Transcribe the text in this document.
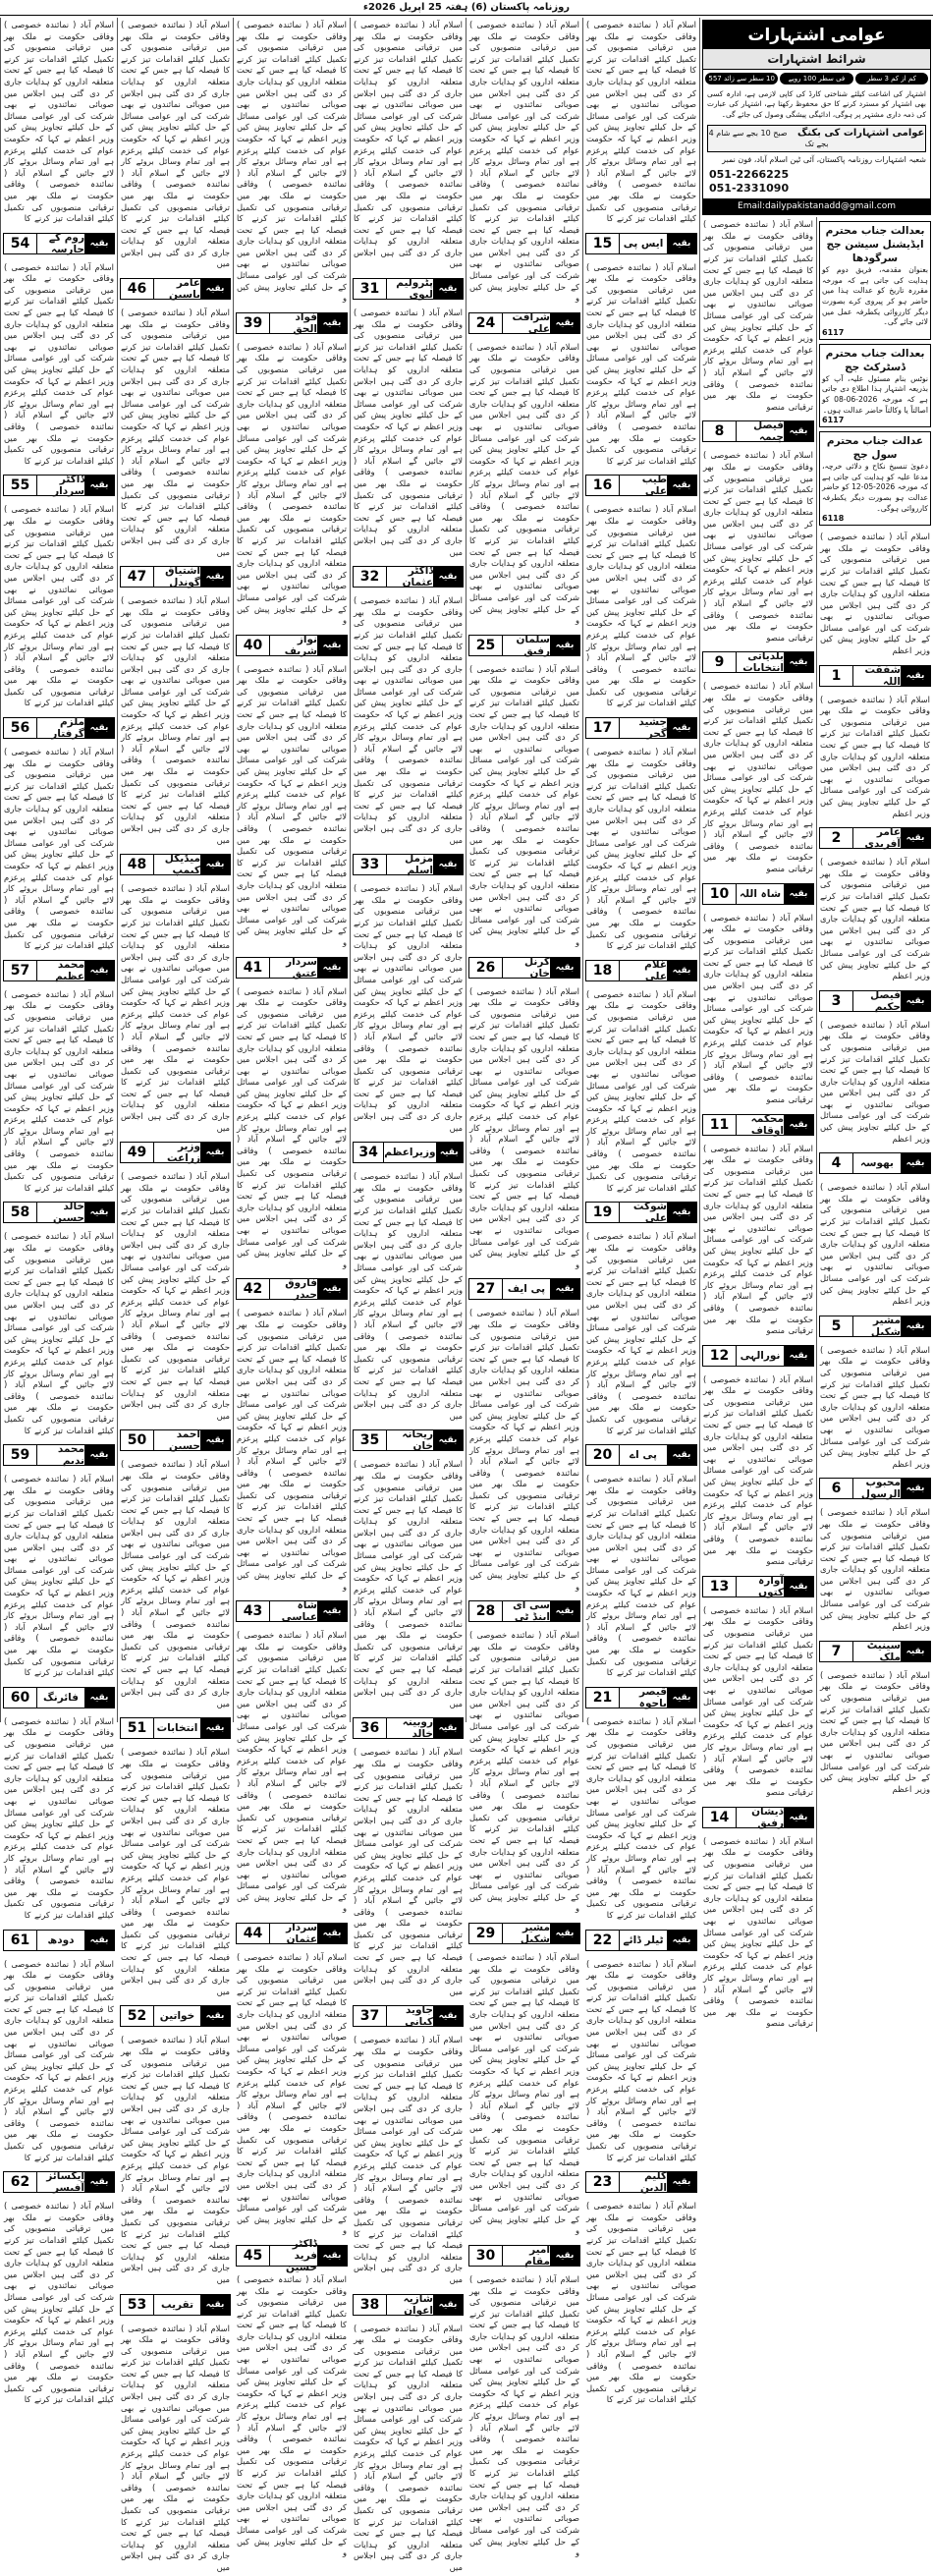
روزنامہ پاکستان (6) ہفتہ 25 اپریل 2026ء
اسلام آباد ( نمائندہ خصوصی ) وفاقی حکومت نے ملک بھر میں ترقیاتی منصوبوں کی تکمیل کیلئے اقدامات تیز کرنے کا فیصلہ کیا ہے جس کے تحت متعلقہ اداروں کو ہدایات جاری کر دی گئی ہیں اجلاس میں صوبائی نمائندوں نے بھی شرکت کی اور عوامی مسائل کے حل کیلئے تجاویز پیش کیں وزیر اعظم نے کہا کہ حکومت عوام کی خدمت کیلئے پرعزم ہے اور تمام وسائل بروئے کار لائے جائیں گے اسلام آباد ( نمائندہ خصوصی ) وفاقی حکومت نے ملک بھر میں ترقیاتی منصوبوں کی تکمیل کیلئے اقدامات تیز کرنے کا
بقیہ
روم کے جارسہ
54
اسلام آباد ( نمائندہ خصوصی ) وفاقی حکومت نے ملک بھر میں ترقیاتی منصوبوں کی تکمیل کیلئے اقدامات تیز کرنے کا فیصلہ کیا ہے جس کے تحت متعلقہ اداروں کو ہدایات جاری کر دی گئی ہیں اجلاس میں صوبائی نمائندوں نے بھی شرکت کی اور عوامی مسائل کے حل کیلئے تجاویز پیش کیں وزیر اعظم نے کہا کہ حکومت عوام کی خدمت کیلئے پرعزم ہے اور تمام وسائل بروئے کار لائے جائیں گے اسلام آباد ( نمائندہ خصوصی ) وفاقی حکومت نے ملک بھر میں ترقیاتی منصوبوں کی تکمیل کیلئے اقدامات تیز کرنے کا
بقیہ
ڈاکٹر سردار
55
اسلام آباد ( نمائندہ خصوصی ) وفاقی حکومت نے ملک بھر میں ترقیاتی منصوبوں کی تکمیل کیلئے اقدامات تیز کرنے کا فیصلہ کیا ہے جس کے تحت متعلقہ اداروں کو ہدایات جاری کر دی گئی ہیں اجلاس میں صوبائی نمائندوں نے بھی شرکت کی اور عوامی مسائل کے حل کیلئے تجاویز پیش کیں وزیر اعظم نے کہا کہ حکومت عوام کی خدمت کیلئے پرعزم ہے اور تمام وسائل بروئے کار لائے جائیں گے اسلام آباد ( نمائندہ خصوصی ) وفاقی حکومت نے ملک بھر میں ترقیاتی منصوبوں کی تکمیل کیلئے اقدامات تیز کرنے کا
بقیہ
ملزم گرفتار
56
اسلام آباد ( نمائندہ خصوصی ) وفاقی حکومت نے ملک بھر میں ترقیاتی منصوبوں کی تکمیل کیلئے اقدامات تیز کرنے کا فیصلہ کیا ہے جس کے تحت متعلقہ اداروں کو ہدایات جاری کر دی گئی ہیں اجلاس میں صوبائی نمائندوں نے بھی شرکت کی اور عوامی مسائل کے حل کیلئے تجاویز پیش کیں وزیر اعظم نے کہا کہ حکومت عوام کی خدمت کیلئے پرعزم ہے اور تمام وسائل بروئے کار لائے جائیں گے اسلام آباد ( نمائندہ خصوصی ) وفاقی حکومت نے ملک بھر میں ترقیاتی منصوبوں کی تکمیل کیلئے اقدامات تیز کرنے کا
بقیہ
محمد عظیم
57
اسلام آباد ( نمائندہ خصوصی ) وفاقی حکومت نے ملک بھر میں ترقیاتی منصوبوں کی تکمیل کیلئے اقدامات تیز کرنے کا فیصلہ کیا ہے جس کے تحت متعلقہ اداروں کو ہدایات جاری کر دی گئی ہیں اجلاس میں صوبائی نمائندوں نے بھی شرکت کی اور عوامی مسائل کے حل کیلئے تجاویز پیش کیں وزیر اعظم نے کہا کہ حکومت عوام کی خدمت کیلئے پرعزم ہے اور تمام وسائل بروئے کار لائے جائیں گے اسلام آباد ( نمائندہ خصوصی ) وفاقی حکومت نے ملک بھر میں ترقیاتی منصوبوں کی تکمیل کیلئے اقدامات تیز کرنے کا
بقیہ
خالد حسین
58
اسلام آباد ( نمائندہ خصوصی ) وفاقی حکومت نے ملک بھر میں ترقیاتی منصوبوں کی تکمیل کیلئے اقدامات تیز کرنے کا فیصلہ کیا ہے جس کے تحت متعلقہ اداروں کو ہدایات جاری کر دی گئی ہیں اجلاس میں صوبائی نمائندوں نے بھی شرکت کی اور عوامی مسائل کے حل کیلئے تجاویز پیش کیں وزیر اعظم نے کہا کہ حکومت عوام کی خدمت کیلئے پرعزم ہے اور تمام وسائل بروئے کار لائے جائیں گے اسلام آباد ( نمائندہ خصوصی ) وفاقی حکومت نے ملک بھر میں ترقیاتی منصوبوں کی تکمیل کیلئے اقدامات تیز کرنے کا
بقیہ
محمد ندیم
59
اسلام آباد ( نمائندہ خصوصی ) وفاقی حکومت نے ملک بھر میں ترقیاتی منصوبوں کی تکمیل کیلئے اقدامات تیز کرنے کا فیصلہ کیا ہے جس کے تحت متعلقہ اداروں کو ہدایات جاری کر دی گئی ہیں اجلاس میں صوبائی نمائندوں نے بھی شرکت کی اور عوامی مسائل کے حل کیلئے تجاویز پیش کیں وزیر اعظم نے کہا کہ حکومت عوام کی خدمت کیلئے پرعزم ہے اور تمام وسائل بروئے کار لائے جائیں گے اسلام آباد ( نمائندہ خصوصی ) وفاقی حکومت نے ملک بھر میں ترقیاتی منصوبوں کی تکمیل کیلئے اقدامات تیز کرنے کا
بقیہ
فائرنگ
60
اسلام آباد ( نمائندہ خصوصی ) وفاقی حکومت نے ملک بھر میں ترقیاتی منصوبوں کی تکمیل کیلئے اقدامات تیز کرنے کا فیصلہ کیا ہے جس کے تحت متعلقہ اداروں کو ہدایات جاری کر دی گئی ہیں اجلاس میں صوبائی نمائندوں نے بھی شرکت کی اور عوامی مسائل کے حل کیلئے تجاویز پیش کیں وزیر اعظم نے کہا کہ حکومت عوام کی خدمت کیلئے پرعزم ہے اور تمام وسائل بروئے کار لائے جائیں گے اسلام آباد ( نمائندہ خصوصی ) وفاقی حکومت نے ملک بھر میں ترقیاتی منصوبوں کی تکمیل کیلئے اقدامات تیز کرنے کا
بقیہ
دودھ
61
اسلام آباد ( نمائندہ خصوصی ) وفاقی حکومت نے ملک بھر میں ترقیاتی منصوبوں کی تکمیل کیلئے اقدامات تیز کرنے کا فیصلہ کیا ہے جس کے تحت متعلقہ اداروں کو ہدایات جاری کر دی گئی ہیں اجلاس میں صوبائی نمائندوں نے بھی شرکت کی اور عوامی مسائل کے حل کیلئے تجاویز پیش کیں وزیر اعظم نے کہا کہ حکومت عوام کی خدمت کیلئے پرعزم ہے اور تمام وسائل بروئے کار لائے جائیں گے اسلام آباد ( نمائندہ خصوصی ) وفاقی حکومت نے ملک بھر میں ترقیاتی منصوبوں کی تکمیل کیلئے اقدامات تیز کرنے کا
بقیہ
ایکسائز آفیسر
62
اسلام آباد ( نمائندہ خصوصی ) وفاقی حکومت نے ملک بھر میں ترقیاتی منصوبوں کی تکمیل کیلئے اقدامات تیز کرنے کا فیصلہ کیا ہے جس کے تحت متعلقہ اداروں کو ہدایات جاری کر دی گئی ہیں اجلاس میں صوبائی نمائندوں نے بھی شرکت کی اور عوامی مسائل کے حل کیلئے تجاویز پیش کیں وزیر اعظم نے کہا کہ حکومت عوام کی خدمت کیلئے پرعزم ہے اور تمام وسائل بروئے کار لائے جائیں گے اسلام آباد ( نمائندہ خصوصی ) وفاقی حکومت نے ملک بھر میں ترقیاتی منصوبوں کی تکمیل کیلئے اقدامات تیز کرنے کا
اسلام آباد ( نمائندہ خصوصی ) وفاقی حکومت نے ملک بھر میں ترقیاتی منصوبوں کی تکمیل کیلئے اقدامات تیز کرنے کا فیصلہ کیا ہے جس کے تحت متعلقہ اداروں کو ہدایات جاری کر دی گئی ہیں اجلاس میں صوبائی نمائندوں نے بھی شرکت کی اور عوامی مسائل کے حل کیلئے تجاویز پیش کیں وزیر اعظم نے کہا کہ حکومت عوام کی خدمت کیلئے پرعزم ہے اور تمام وسائل بروئے کار لائے جائیں گے اسلام آباد ( نمائندہ خصوصی ) وفاقی حکومت نے ملک بھر میں ترقیاتی منصوبوں کی تکمیل کیلئے اقدامات تیز کرنے کا فیصلہ کیا ہے جس کے تحت متعلقہ اداروں کو ہدایات جاری کر دی گئی ہیں اجلاس میں
بقیہ
عامر یاسین
46
اسلام آباد ( نمائندہ خصوصی ) وفاقی حکومت نے ملک بھر میں ترقیاتی منصوبوں کی تکمیل کیلئے اقدامات تیز کرنے کا فیصلہ کیا ہے جس کے تحت متعلقہ اداروں کو ہدایات جاری کر دی گئی ہیں اجلاس میں صوبائی نمائندوں نے بھی شرکت کی اور عوامی مسائل کے حل کیلئے تجاویز پیش کیں وزیر اعظم نے کہا کہ حکومت عوام کی خدمت کیلئے پرعزم ہے اور تمام وسائل بروئے کار لائے جائیں گے اسلام آباد ( نمائندہ خصوصی ) وفاقی حکومت نے ملک بھر میں ترقیاتی منصوبوں کی تکمیل کیلئے اقدامات تیز کرنے کا فیصلہ کیا ہے جس کے تحت متعلقہ اداروں کو ہدایات جاری کر دی گئی ہیں اجلاس میں
بقیہ
اشتیاق گوندل
47
اسلام آباد ( نمائندہ خصوصی ) وفاقی حکومت نے ملک بھر میں ترقیاتی منصوبوں کی تکمیل کیلئے اقدامات تیز کرنے کا فیصلہ کیا ہے جس کے تحت متعلقہ اداروں کو ہدایات جاری کر دی گئی ہیں اجلاس میں صوبائی نمائندوں نے بھی شرکت کی اور عوامی مسائل کے حل کیلئے تجاویز پیش کیں وزیر اعظم نے کہا کہ حکومت عوام کی خدمت کیلئے پرعزم ہے اور تمام وسائل بروئے کار لائے جائیں گے اسلام آباد ( نمائندہ خصوصی ) وفاقی حکومت نے ملک بھر میں ترقیاتی منصوبوں کی تکمیل کیلئے اقدامات تیز کرنے کا فیصلہ کیا ہے جس کے تحت متعلقہ اداروں کو ہدایات جاری کر دی گئی ہیں اجلاس میں
بقیہ
میڈیکل کیمپ
48
اسلام آباد ( نمائندہ خصوصی ) وفاقی حکومت نے ملک بھر میں ترقیاتی منصوبوں کی تکمیل کیلئے اقدامات تیز کرنے کا فیصلہ کیا ہے جس کے تحت متعلقہ اداروں کو ہدایات جاری کر دی گئی ہیں اجلاس میں صوبائی نمائندوں نے بھی شرکت کی اور عوامی مسائل کے حل کیلئے تجاویز پیش کیں وزیر اعظم نے کہا کہ حکومت عوام کی خدمت کیلئے پرعزم ہے اور تمام وسائل بروئے کار لائے جائیں گے اسلام آباد ( نمائندہ خصوصی ) وفاقی حکومت نے ملک بھر میں ترقیاتی منصوبوں کی تکمیل کیلئے اقدامات تیز کرنے کا فیصلہ کیا ہے جس کے تحت متعلقہ اداروں کو ہدایات جاری کر دی گئی ہیں اجلاس میں
بقیہ
وزیر زراعت
49
اسلام آباد ( نمائندہ خصوصی ) وفاقی حکومت نے ملک بھر میں ترقیاتی منصوبوں کی تکمیل کیلئے اقدامات تیز کرنے کا فیصلہ کیا ہے جس کے تحت متعلقہ اداروں کو ہدایات جاری کر دی گئی ہیں اجلاس میں صوبائی نمائندوں نے بھی شرکت کی اور عوامی مسائل کے حل کیلئے تجاویز پیش کیں وزیر اعظم نے کہا کہ حکومت عوام کی خدمت کیلئے پرعزم ہے اور تمام وسائل بروئے کار لائے جائیں گے اسلام آباد ( نمائندہ خصوصی ) وفاقی حکومت نے ملک بھر میں ترقیاتی منصوبوں کی تکمیل کیلئے اقدامات تیز کرنے کا فیصلہ کیا ہے جس کے تحت متعلقہ اداروں کو ہدایات جاری کر دی گئی ہیں اجلاس میں
بقیہ
احمد حسین
50
اسلام آباد ( نمائندہ خصوصی ) وفاقی حکومت نے ملک بھر میں ترقیاتی منصوبوں کی تکمیل کیلئے اقدامات تیز کرنے کا فیصلہ کیا ہے جس کے تحت متعلقہ اداروں کو ہدایات جاری کر دی گئی ہیں اجلاس میں صوبائی نمائندوں نے بھی شرکت کی اور عوامی مسائل کے حل کیلئے تجاویز پیش کیں وزیر اعظم نے کہا کہ حکومت عوام کی خدمت کیلئے پرعزم ہے اور تمام وسائل بروئے کار لائے جائیں گے اسلام آباد ( نمائندہ خصوصی ) وفاقی حکومت نے ملک بھر میں ترقیاتی منصوبوں کی تکمیل کیلئے اقدامات تیز کرنے کا فیصلہ کیا ہے جس کے تحت متعلقہ اداروں کو ہدایات جاری کر دی گئی ہیں اجلاس میں
بقیہ
انتخابات
51
اسلام آباد ( نمائندہ خصوصی ) وفاقی حکومت نے ملک بھر میں ترقیاتی منصوبوں کی تکمیل کیلئے اقدامات تیز کرنے کا فیصلہ کیا ہے جس کے تحت متعلقہ اداروں کو ہدایات جاری کر دی گئی ہیں اجلاس میں صوبائی نمائندوں نے بھی شرکت کی اور عوامی مسائل کے حل کیلئے تجاویز پیش کیں وزیر اعظم نے کہا کہ حکومت عوام کی خدمت کیلئے پرعزم ہے اور تمام وسائل بروئے کار لائے جائیں گے اسلام آباد ( نمائندہ خصوصی ) وفاقی حکومت نے ملک بھر میں ترقیاتی منصوبوں کی تکمیل کیلئے اقدامات تیز کرنے کا فیصلہ کیا ہے جس کے تحت متعلقہ اداروں کو ہدایات جاری کر دی گئی ہیں اجلاس میں
بقیہ
خواتین
52
اسلام آباد ( نمائندہ خصوصی ) وفاقی حکومت نے ملک بھر میں ترقیاتی منصوبوں کی تکمیل کیلئے اقدامات تیز کرنے کا فیصلہ کیا ہے جس کے تحت متعلقہ اداروں کو ہدایات جاری کر دی گئی ہیں اجلاس میں صوبائی نمائندوں نے بھی شرکت کی اور عوامی مسائل کے حل کیلئے تجاویز پیش کیں وزیر اعظم نے کہا کہ حکومت عوام کی خدمت کیلئے پرعزم ہے اور تمام وسائل بروئے کار لائے جائیں گے اسلام آباد ( نمائندہ خصوصی ) وفاقی حکومت نے ملک بھر میں ترقیاتی منصوبوں کی تکمیل کیلئے اقدامات تیز کرنے کا فیصلہ کیا ہے جس کے تحت متعلقہ اداروں کو ہدایات جاری کر دی گئی ہیں اجلاس میں
بقیہ
تقریب
53
اسلام آباد ( نمائندہ خصوصی ) وفاقی حکومت نے ملک بھر میں ترقیاتی منصوبوں کی تکمیل کیلئے اقدامات تیز کرنے کا فیصلہ کیا ہے جس کے تحت متعلقہ اداروں کو ہدایات جاری کر دی گئی ہیں اجلاس میں صوبائی نمائندوں نے بھی شرکت کی اور عوامی مسائل کے حل کیلئے تجاویز پیش کیں وزیر اعظم نے کہا کہ حکومت عوام کی خدمت کیلئے پرعزم ہے اور تمام وسائل بروئے کار لائے جائیں گے اسلام آباد ( نمائندہ خصوصی ) وفاقی حکومت نے ملک بھر میں ترقیاتی منصوبوں کی تکمیل کیلئے اقدامات تیز کرنے کا فیصلہ کیا ہے جس کے تحت متعلقہ اداروں کو ہدایات جاری کر دی گئی ہیں اجلاس میں
اسلام آباد ( نمائندہ خصوصی ) وفاقی حکومت نے ملک بھر میں ترقیاتی منصوبوں کی تکمیل کیلئے اقدامات تیز کرنے کا فیصلہ کیا ہے جس کے تحت متعلقہ اداروں کو ہدایات جاری کر دی گئی ہیں اجلاس میں صوبائی نمائندوں نے بھی شرکت کی اور عوامی مسائل کے حل کیلئے تجاویز پیش کیں وزیر اعظم نے کہا کہ حکومت عوام کی خدمت کیلئے پرعزم ہے اور تمام وسائل بروئے کار لائے جائیں گے اسلام آباد ( نمائندہ خصوصی ) وفاقی حکومت نے ملک بھر میں ترقیاتی منصوبوں کی تکمیل کیلئے اقدامات تیز کرنے کا فیصلہ کیا ہے جس کے تحت متعلقہ اداروں کو ہدایات جاری کر دی گئی ہیں اجلاس میں صوبائی نمائندوں نے بھی شرکت کی اور عوامی مسائل کے حل کیلئے تجاویز پیش کیں و
بقیہ
فواد الحق
39
اسلام آباد ( نمائندہ خصوصی ) وفاقی حکومت نے ملک بھر میں ترقیاتی منصوبوں کی تکمیل کیلئے اقدامات تیز کرنے کا فیصلہ کیا ہے جس کے تحت متعلقہ اداروں کو ہدایات جاری کر دی گئی ہیں اجلاس میں صوبائی نمائندوں نے بھی شرکت کی اور عوامی مسائل کے حل کیلئے تجاویز پیش کیں وزیر اعظم نے کہا کہ حکومت عوام کی خدمت کیلئے پرعزم ہے اور تمام وسائل بروئے کار لائے جائیں گے اسلام آباد ( نمائندہ خصوصی ) وفاقی حکومت نے ملک بھر میں ترقیاتی منصوبوں کی تکمیل کیلئے اقدامات تیز کرنے کا فیصلہ کیا ہے جس کے تحت متعلقہ اداروں کو ہدایات جاری کر دی گئی ہیں اجلاس میں صوبائی نمائندوں نے بھی شرکت کی اور عوامی مسائل کے حل کیلئے تجاویز پیش کیں و
بقیہ
نواز شریف
40
اسلام آباد ( نمائندہ خصوصی ) وفاقی حکومت نے ملک بھر میں ترقیاتی منصوبوں کی تکمیل کیلئے اقدامات تیز کرنے کا فیصلہ کیا ہے جس کے تحت متعلقہ اداروں کو ہدایات جاری کر دی گئی ہیں اجلاس میں صوبائی نمائندوں نے بھی شرکت کی اور عوامی مسائل کے حل کیلئے تجاویز پیش کیں وزیر اعظم نے کہا کہ حکومت عوام کی خدمت کیلئے پرعزم ہے اور تمام وسائل بروئے کار لائے جائیں گے اسلام آباد ( نمائندہ خصوصی ) وفاقی حکومت نے ملک بھر میں ترقیاتی منصوبوں کی تکمیل کیلئے اقدامات تیز کرنے کا فیصلہ کیا ہے جس کے تحت متعلقہ اداروں کو ہدایات جاری کر دی گئی ہیں اجلاس میں صوبائی نمائندوں نے بھی شرکت کی اور عوامی مسائل کے حل کیلئے تجاویز پیش کیں و
بقیہ
سردار عتیق
41
اسلام آباد ( نمائندہ خصوصی ) وفاقی حکومت نے ملک بھر میں ترقیاتی منصوبوں کی تکمیل کیلئے اقدامات تیز کرنے کا فیصلہ کیا ہے جس کے تحت متعلقہ اداروں کو ہدایات جاری کر دی گئی ہیں اجلاس میں صوبائی نمائندوں نے بھی شرکت کی اور عوامی مسائل کے حل کیلئے تجاویز پیش کیں وزیر اعظم نے کہا کہ حکومت عوام کی خدمت کیلئے پرعزم ہے اور تمام وسائل بروئے کار لائے جائیں گے اسلام آباد ( نمائندہ خصوصی ) وفاقی حکومت نے ملک بھر میں ترقیاتی منصوبوں کی تکمیل کیلئے اقدامات تیز کرنے کا فیصلہ کیا ہے جس کے تحت متعلقہ اداروں کو ہدایات جاری کر دی گئی ہیں اجلاس میں صوبائی نمائندوں نے بھی شرکت کی اور عوامی مسائل کے حل کیلئے تجاویز پیش کیں و
بقیہ
فاروق حیدر
42
اسلام آباد ( نمائندہ خصوصی ) وفاقی حکومت نے ملک بھر میں ترقیاتی منصوبوں کی تکمیل کیلئے اقدامات تیز کرنے کا فیصلہ کیا ہے جس کے تحت متعلقہ اداروں کو ہدایات جاری کر دی گئی ہیں اجلاس میں صوبائی نمائندوں نے بھی شرکت کی اور عوامی مسائل کے حل کیلئے تجاویز پیش کیں وزیر اعظم نے کہا کہ حکومت عوام کی خدمت کیلئے پرعزم ہے اور تمام وسائل بروئے کار لائے جائیں گے اسلام آباد ( نمائندہ خصوصی ) وفاقی حکومت نے ملک بھر میں ترقیاتی منصوبوں کی تکمیل کیلئے اقدامات تیز کرنے کا فیصلہ کیا ہے جس کے تحت متعلقہ اداروں کو ہدایات جاری کر دی گئی ہیں اجلاس میں صوبائی نمائندوں نے بھی شرکت کی اور عوامی مسائل کے حل کیلئے تجاویز پیش کیں و
بقیہ
شاہ عباسی
43
اسلام آباد ( نمائندہ خصوصی ) وفاقی حکومت نے ملک بھر میں ترقیاتی منصوبوں کی تکمیل کیلئے اقدامات تیز کرنے کا فیصلہ کیا ہے جس کے تحت متعلقہ اداروں کو ہدایات جاری کر دی گئی ہیں اجلاس میں صوبائی نمائندوں نے بھی شرکت کی اور عوامی مسائل کے حل کیلئے تجاویز پیش کیں وزیر اعظم نے کہا کہ حکومت عوام کی خدمت کیلئے پرعزم ہے اور تمام وسائل بروئے کار لائے جائیں گے اسلام آباد ( نمائندہ خصوصی ) وفاقی حکومت نے ملک بھر میں ترقیاتی منصوبوں کی تکمیل کیلئے اقدامات تیز کرنے کا فیصلہ کیا ہے جس کے تحت متعلقہ اداروں کو ہدایات جاری کر دی گئی ہیں اجلاس میں صوبائی نمائندوں نے بھی شرکت کی اور عوامی مسائل کے حل کیلئے تجاویز پیش کیں و
بقیہ
سردار عثمان
44
اسلام آباد ( نمائندہ خصوصی ) وفاقی حکومت نے ملک بھر میں ترقیاتی منصوبوں کی تکمیل کیلئے اقدامات تیز کرنے کا فیصلہ کیا ہے جس کے تحت متعلقہ اداروں کو ہدایات جاری کر دی گئی ہیں اجلاس میں صوبائی نمائندوں نے بھی شرکت کی اور عوامی مسائل کے حل کیلئے تجاویز پیش کیں وزیر اعظم نے کہا کہ حکومت عوام کی خدمت کیلئے پرعزم ہے اور تمام وسائل بروئے کار لائے جائیں گے اسلام آباد ( نمائندہ خصوصی ) وفاقی حکومت نے ملک بھر میں ترقیاتی منصوبوں کی تکمیل کیلئے اقدامات تیز کرنے کا فیصلہ کیا ہے جس کے تحت متعلقہ اداروں کو ہدایات جاری کر دی گئی ہیں اجلاس میں صوبائی نمائندوں نے بھی شرکت کی اور عوامی مسائل کے حل کیلئے تجاویز پیش کیں و
بقیہ
ڈاکٹر فرید حسین
45
اسلام آباد ( نمائندہ خصوصی ) وفاقی حکومت نے ملک بھر میں ترقیاتی منصوبوں کی تکمیل کیلئے اقدامات تیز کرنے کا فیصلہ کیا ہے جس کے تحت متعلقہ اداروں کو ہدایات جاری کر دی گئی ہیں اجلاس میں صوبائی نمائندوں نے بھی شرکت کی اور عوامی مسائل کے حل کیلئے تجاویز پیش کیں وزیر اعظم نے کہا کہ حکومت عوام کی خدمت کیلئے پرعزم ہے اور تمام وسائل بروئے کار لائے جائیں گے اسلام آباد ( نمائندہ خصوصی ) وفاقی حکومت نے ملک بھر میں ترقیاتی منصوبوں کی تکمیل کیلئے اقدامات تیز کرنے کا فیصلہ کیا ہے جس کے تحت متعلقہ اداروں کو ہدایات جاری کر دی گئی ہیں اجلاس میں صوبائی نمائندوں نے بھی شرکت کی اور عوامی مسائل کے حل کیلئے تجاویز پیش کیں و
اسلام آباد ( نمائندہ خصوصی ) وفاقی حکومت نے ملک بھر میں ترقیاتی منصوبوں کی تکمیل کیلئے اقدامات تیز کرنے کا فیصلہ کیا ہے جس کے تحت متعلقہ اداروں کو ہدایات جاری کر دی گئی ہیں اجلاس میں صوبائی نمائندوں نے بھی شرکت کی اور عوامی مسائل کے حل کیلئے تجاویز پیش کیں وزیر اعظم نے کہا کہ حکومت عوام کی خدمت کیلئے پرعزم ہے اور تمام وسائل بروئے کار لائے جائیں گے اسلام آباد ( نمائندہ خصوصی ) وفاقی حکومت نے ملک بھر میں ترقیاتی منصوبوں کی تکمیل کیلئے اقدامات تیز کرنے کا فیصلہ کیا ہے جس کے تحت متعلقہ اداروں کو ہدایات جاری کر دی گئی ہیں اجلاس میں
بقیہ
پٹرولیم لیوی
31
اسلام آباد ( نمائندہ خصوصی ) وفاقی حکومت نے ملک بھر میں ترقیاتی منصوبوں کی تکمیل کیلئے اقدامات تیز کرنے کا فیصلہ کیا ہے جس کے تحت متعلقہ اداروں کو ہدایات جاری کر دی گئی ہیں اجلاس میں صوبائی نمائندوں نے بھی شرکت کی اور عوامی مسائل کے حل کیلئے تجاویز پیش کیں وزیر اعظم نے کہا کہ حکومت عوام کی خدمت کیلئے پرعزم ہے اور تمام وسائل بروئے کار لائے جائیں گے اسلام آباد ( نمائندہ خصوصی ) وفاقی حکومت نے ملک بھر میں ترقیاتی منصوبوں کی تکمیل کیلئے اقدامات تیز کرنے کا فیصلہ کیا ہے جس کے تحت متعلقہ اداروں کو ہدایات جاری کر دی گئی ہیں اجلاس میں
بقیہ
ڈاکٹر عثمان
32
اسلام آباد ( نمائندہ خصوصی ) وفاقی حکومت نے ملک بھر میں ترقیاتی منصوبوں کی تکمیل کیلئے اقدامات تیز کرنے کا فیصلہ کیا ہے جس کے تحت متعلقہ اداروں کو ہدایات جاری کر دی گئی ہیں اجلاس میں صوبائی نمائندوں نے بھی شرکت کی اور عوامی مسائل کے حل کیلئے تجاویز پیش کیں وزیر اعظم نے کہا کہ حکومت عوام کی خدمت کیلئے پرعزم ہے اور تمام وسائل بروئے کار لائے جائیں گے اسلام آباد ( نمائندہ خصوصی ) وفاقی حکومت نے ملک بھر میں ترقیاتی منصوبوں کی تکمیل کیلئے اقدامات تیز کرنے کا فیصلہ کیا ہے جس کے تحت متعلقہ اداروں کو ہدایات جاری کر دی گئی ہیں اجلاس میں
بقیہ
مزمل اسلم
33
اسلام آباد ( نمائندہ خصوصی ) وفاقی حکومت نے ملک بھر میں ترقیاتی منصوبوں کی تکمیل کیلئے اقدامات تیز کرنے کا فیصلہ کیا ہے جس کے تحت متعلقہ اداروں کو ہدایات جاری کر دی گئی ہیں اجلاس میں صوبائی نمائندوں نے بھی شرکت کی اور عوامی مسائل کے حل کیلئے تجاویز پیش کیں وزیر اعظم نے کہا کہ حکومت عوام کی خدمت کیلئے پرعزم ہے اور تمام وسائل بروئے کار لائے جائیں گے اسلام آباد ( نمائندہ خصوصی ) وفاقی حکومت نے ملک بھر میں ترقیاتی منصوبوں کی تکمیل کیلئے اقدامات تیز کرنے کا فیصلہ کیا ہے جس کے تحت متعلقہ اداروں کو ہدایات جاری کر دی گئی ہیں اجلاس میں
بقیہ
وزیراعظم
34
اسلام آباد ( نمائندہ خصوصی ) وفاقی حکومت نے ملک بھر میں ترقیاتی منصوبوں کی تکمیل کیلئے اقدامات تیز کرنے کا فیصلہ کیا ہے جس کے تحت متعلقہ اداروں کو ہدایات جاری کر دی گئی ہیں اجلاس میں صوبائی نمائندوں نے بھی شرکت کی اور عوامی مسائل کے حل کیلئے تجاویز پیش کیں وزیر اعظم نے کہا کہ حکومت عوام کی خدمت کیلئے پرعزم ہے اور تمام وسائل بروئے کار لائے جائیں گے اسلام آباد ( نمائندہ خصوصی ) وفاقی حکومت نے ملک بھر میں ترقیاتی منصوبوں کی تکمیل کیلئے اقدامات تیز کرنے کا فیصلہ کیا ہے جس کے تحت متعلقہ اداروں کو ہدایات جاری کر دی گئی ہیں اجلاس میں
بقیہ
ریحانہ خان
35
اسلام آباد ( نمائندہ خصوصی ) وفاقی حکومت نے ملک بھر میں ترقیاتی منصوبوں کی تکمیل کیلئے اقدامات تیز کرنے کا فیصلہ کیا ہے جس کے تحت متعلقہ اداروں کو ہدایات جاری کر دی گئی ہیں اجلاس میں صوبائی نمائندوں نے بھی شرکت کی اور عوامی مسائل کے حل کیلئے تجاویز پیش کیں وزیر اعظم نے کہا کہ حکومت عوام کی خدمت کیلئے پرعزم ہے اور تمام وسائل بروئے کار لائے جائیں گے اسلام آباد ( نمائندہ خصوصی ) وفاقی حکومت نے ملک بھر میں ترقیاتی منصوبوں کی تکمیل کیلئے اقدامات تیز کرنے کا فیصلہ کیا ہے جس کے تحت متعلقہ اداروں کو ہدایات جاری کر دی گئی ہیں اجلاس میں
بقیہ
روبینہ خالد
36
اسلام آباد ( نمائندہ خصوصی ) وفاقی حکومت نے ملک بھر میں ترقیاتی منصوبوں کی تکمیل کیلئے اقدامات تیز کرنے کا فیصلہ کیا ہے جس کے تحت متعلقہ اداروں کو ہدایات جاری کر دی گئی ہیں اجلاس میں صوبائی نمائندوں نے بھی شرکت کی اور عوامی مسائل کے حل کیلئے تجاویز پیش کیں وزیر اعظم نے کہا کہ حکومت عوام کی خدمت کیلئے پرعزم ہے اور تمام وسائل بروئے کار لائے جائیں گے اسلام آباد ( نمائندہ خصوصی ) وفاقی حکومت نے ملک بھر میں ترقیاتی منصوبوں کی تکمیل کیلئے اقدامات تیز کرنے کا فیصلہ کیا ہے جس کے تحت متعلقہ اداروں کو ہدایات جاری کر دی گئی ہیں اجلاس میں
بقیہ
جاوید کیانی
37
اسلام آباد ( نمائندہ خصوصی ) وفاقی حکومت نے ملک بھر میں ترقیاتی منصوبوں کی تکمیل کیلئے اقدامات تیز کرنے کا فیصلہ کیا ہے جس کے تحت متعلقہ اداروں کو ہدایات جاری کر دی گئی ہیں اجلاس میں صوبائی نمائندوں نے بھی شرکت کی اور عوامی مسائل کے حل کیلئے تجاویز پیش کیں وزیر اعظم نے کہا کہ حکومت عوام کی خدمت کیلئے پرعزم ہے اور تمام وسائل بروئے کار لائے جائیں گے اسلام آباد ( نمائندہ خصوصی ) وفاقی حکومت نے ملک بھر میں ترقیاتی منصوبوں کی تکمیل کیلئے اقدامات تیز کرنے کا فیصلہ کیا ہے جس کے تحت متعلقہ اداروں کو ہدایات جاری کر دی گئی ہیں اجلاس میں
بقیہ
شازیہ اعوان
38
اسلام آباد ( نمائندہ خصوصی ) وفاقی حکومت نے ملک بھر میں ترقیاتی منصوبوں کی تکمیل کیلئے اقدامات تیز کرنے کا فیصلہ کیا ہے جس کے تحت متعلقہ اداروں کو ہدایات جاری کر دی گئی ہیں اجلاس میں صوبائی نمائندوں نے بھی شرکت کی اور عوامی مسائل کے حل کیلئے تجاویز پیش کیں وزیر اعظم نے کہا کہ حکومت عوام کی خدمت کیلئے پرعزم ہے اور تمام وسائل بروئے کار لائے جائیں گے اسلام آباد ( نمائندہ خصوصی ) وفاقی حکومت نے ملک بھر میں ترقیاتی منصوبوں کی تکمیل کیلئے اقدامات تیز کرنے کا فیصلہ کیا ہے جس کے تحت متعلقہ اداروں کو ہدایات جاری کر دی گئی ہیں اجلاس میں
اسلام آباد ( نمائندہ خصوصی ) وفاقی حکومت نے ملک بھر میں ترقیاتی منصوبوں کی تکمیل کیلئے اقدامات تیز کرنے کا فیصلہ کیا ہے جس کے تحت متعلقہ اداروں کو ہدایات جاری کر دی گئی ہیں اجلاس میں صوبائی نمائندوں نے بھی شرکت کی اور عوامی مسائل کے حل کیلئے تجاویز پیش کیں وزیر اعظم نے کہا کہ حکومت عوام کی خدمت کیلئے پرعزم ہے اور تمام وسائل بروئے کار لائے جائیں گے اسلام آباد ( نمائندہ خصوصی ) وفاقی حکومت نے ملک بھر میں ترقیاتی منصوبوں کی تکمیل کیلئے اقدامات تیز کرنے کا فیصلہ کیا ہے جس کے تحت متعلقہ اداروں کو ہدایات جاری کر دی گئی ہیں اجلاس میں صوبائی نمائندوں نے بھی شرکت کی اور عوامی مسائل کے حل کیلئے تجاویز پیش کیں و
بقیہ
شرافت علی
24
اسلام آباد ( نمائندہ خصوصی ) وفاقی حکومت نے ملک بھر میں ترقیاتی منصوبوں کی تکمیل کیلئے اقدامات تیز کرنے کا فیصلہ کیا ہے جس کے تحت متعلقہ اداروں کو ہدایات جاری کر دی گئی ہیں اجلاس میں صوبائی نمائندوں نے بھی شرکت کی اور عوامی مسائل کے حل کیلئے تجاویز پیش کیں وزیر اعظم نے کہا کہ حکومت عوام کی خدمت کیلئے پرعزم ہے اور تمام وسائل بروئے کار لائے جائیں گے اسلام آباد ( نمائندہ خصوصی ) وفاقی حکومت نے ملک بھر میں ترقیاتی منصوبوں کی تکمیل کیلئے اقدامات تیز کرنے کا فیصلہ کیا ہے جس کے تحت متعلقہ اداروں کو ہدایات جاری کر دی گئی ہیں اجلاس میں صوبائی نمائندوں نے بھی شرکت کی اور عوامی مسائل کے حل کیلئے تجاویز پیش کیں و
بقیہ
سلمان رفیق
25
اسلام آباد ( نمائندہ خصوصی ) وفاقی حکومت نے ملک بھر میں ترقیاتی منصوبوں کی تکمیل کیلئے اقدامات تیز کرنے کا فیصلہ کیا ہے جس کے تحت متعلقہ اداروں کو ہدایات جاری کر دی گئی ہیں اجلاس میں صوبائی نمائندوں نے بھی شرکت کی اور عوامی مسائل کے حل کیلئے تجاویز پیش کیں وزیر اعظم نے کہا کہ حکومت عوام کی خدمت کیلئے پرعزم ہے اور تمام وسائل بروئے کار لائے جائیں گے اسلام آباد ( نمائندہ خصوصی ) وفاقی حکومت نے ملک بھر میں ترقیاتی منصوبوں کی تکمیل کیلئے اقدامات تیز کرنے کا فیصلہ کیا ہے جس کے تحت متعلقہ اداروں کو ہدایات جاری کر دی گئی ہیں اجلاس میں صوبائی نمائندوں نے بھی شرکت کی اور عوامی مسائل کے حل کیلئے تجاویز پیش کیں و
بقیہ
کرنل خان
26
اسلام آباد ( نمائندہ خصوصی ) وفاقی حکومت نے ملک بھر میں ترقیاتی منصوبوں کی تکمیل کیلئے اقدامات تیز کرنے کا فیصلہ کیا ہے جس کے تحت متعلقہ اداروں کو ہدایات جاری کر دی گئی ہیں اجلاس میں صوبائی نمائندوں نے بھی شرکت کی اور عوامی مسائل کے حل کیلئے تجاویز پیش کیں وزیر اعظم نے کہا کہ حکومت عوام کی خدمت کیلئے پرعزم ہے اور تمام وسائل بروئے کار لائے جائیں گے اسلام آباد ( نمائندہ خصوصی ) وفاقی حکومت نے ملک بھر میں ترقیاتی منصوبوں کی تکمیل کیلئے اقدامات تیز کرنے کا فیصلہ کیا ہے جس کے تحت متعلقہ اداروں کو ہدایات جاری کر دی گئی ہیں اجلاس میں صوبائی نمائندوں نے بھی شرکت کی اور عوامی مسائل کے حل کیلئے تجاویز پیش کیں و
بقیہ
پی ایف
27
اسلام آباد ( نمائندہ خصوصی ) وفاقی حکومت نے ملک بھر میں ترقیاتی منصوبوں کی تکمیل کیلئے اقدامات تیز کرنے کا فیصلہ کیا ہے جس کے تحت متعلقہ اداروں کو ہدایات جاری کر دی گئی ہیں اجلاس میں صوبائی نمائندوں نے بھی شرکت کی اور عوامی مسائل کے حل کیلئے تجاویز پیش کیں وزیر اعظم نے کہا کہ حکومت عوام کی خدمت کیلئے پرعزم ہے اور تمام وسائل بروئے کار لائے جائیں گے اسلام آباد ( نمائندہ خصوصی ) وفاقی حکومت نے ملک بھر میں ترقیاتی منصوبوں کی تکمیل کیلئے اقدامات تیز کرنے کا فیصلہ کیا ہے جس کے تحت متعلقہ اداروں کو ہدایات جاری کر دی گئی ہیں اجلاس میں صوبائی نمائندوں نے بھی شرکت کی اور عوامی مسائل کے حل کیلئے تجاویز پیش کیں و
بقیہ
سی ای اینڈ ٹی
28
اسلام آباد ( نمائندہ خصوصی ) وفاقی حکومت نے ملک بھر میں ترقیاتی منصوبوں کی تکمیل کیلئے اقدامات تیز کرنے کا فیصلہ کیا ہے جس کے تحت متعلقہ اداروں کو ہدایات جاری کر دی گئی ہیں اجلاس میں صوبائی نمائندوں نے بھی شرکت کی اور عوامی مسائل کے حل کیلئے تجاویز پیش کیں وزیر اعظم نے کہا کہ حکومت عوام کی خدمت کیلئے پرعزم ہے اور تمام وسائل بروئے کار لائے جائیں گے اسلام آباد ( نمائندہ خصوصی ) وفاقی حکومت نے ملک بھر میں ترقیاتی منصوبوں کی تکمیل کیلئے اقدامات تیز کرنے کا فیصلہ کیا ہے جس کے تحت متعلقہ اداروں کو ہدایات جاری کر دی گئی ہیں اجلاس میں صوبائی نمائندوں نے بھی شرکت کی اور عوامی مسائل کے حل کیلئے تجاویز پیش کیں و
بقیہ
مشیر شکیل
29
اسلام آباد ( نمائندہ خصوصی ) وفاقی حکومت نے ملک بھر میں ترقیاتی منصوبوں کی تکمیل کیلئے اقدامات تیز کرنے کا فیصلہ کیا ہے جس کے تحت متعلقہ اداروں کو ہدایات جاری کر دی گئی ہیں اجلاس میں صوبائی نمائندوں نے بھی شرکت کی اور عوامی مسائل کے حل کیلئے تجاویز پیش کیں وزیر اعظم نے کہا کہ حکومت عوام کی خدمت کیلئے پرعزم ہے اور تمام وسائل بروئے کار لائے جائیں گے اسلام آباد ( نمائندہ خصوصی ) وفاقی حکومت نے ملک بھر میں ترقیاتی منصوبوں کی تکمیل کیلئے اقدامات تیز کرنے کا فیصلہ کیا ہے جس کے تحت متعلقہ اداروں کو ہدایات جاری کر دی گئی ہیں اجلاس میں صوبائی نمائندوں نے بھی شرکت کی اور عوامی مسائل کے حل کیلئے تجاویز پیش کیں و
بقیہ
امیر مقام
30
اسلام آباد ( نمائندہ خصوصی ) وفاقی حکومت نے ملک بھر میں ترقیاتی منصوبوں کی تکمیل کیلئے اقدامات تیز کرنے کا فیصلہ کیا ہے جس کے تحت متعلقہ اداروں کو ہدایات جاری کر دی گئی ہیں اجلاس میں صوبائی نمائندوں نے بھی شرکت کی اور عوامی مسائل کے حل کیلئے تجاویز پیش کیں وزیر اعظم نے کہا کہ حکومت عوام کی خدمت کیلئے پرعزم ہے اور تمام وسائل بروئے کار لائے جائیں گے اسلام آباد ( نمائندہ خصوصی ) وفاقی حکومت نے ملک بھر میں ترقیاتی منصوبوں کی تکمیل کیلئے اقدامات تیز کرنے کا فیصلہ کیا ہے جس کے تحت متعلقہ اداروں کو ہدایات جاری کر دی گئی ہیں اجلاس میں صوبائی نمائندوں نے بھی شرکت کی اور عوامی مسائل کے حل کیلئے تجاویز پیش کیں و
اسلام آباد ( نمائندہ خصوصی ) وفاقی حکومت نے ملک بھر میں ترقیاتی منصوبوں کی تکمیل کیلئے اقدامات تیز کرنے کا فیصلہ کیا ہے جس کے تحت متعلقہ اداروں کو ہدایات جاری کر دی گئی ہیں اجلاس میں صوبائی نمائندوں نے بھی شرکت کی اور عوامی مسائل کے حل کیلئے تجاویز پیش کیں وزیر اعظم نے کہا کہ حکومت عوام کی خدمت کیلئے پرعزم ہے اور تمام وسائل بروئے کار لائے جائیں گے اسلام آباد ( نمائندہ خصوصی ) وفاقی حکومت نے ملک بھر میں ترقیاتی منصوبوں کی تکمیل کیلئے اقدامات تیز کرنے کا
بقیہ
ایس پی
15
اسلام آباد ( نمائندہ خصوصی ) وفاقی حکومت نے ملک بھر میں ترقیاتی منصوبوں کی تکمیل کیلئے اقدامات تیز کرنے کا فیصلہ کیا ہے جس کے تحت متعلقہ اداروں کو ہدایات جاری کر دی گئی ہیں اجلاس میں صوبائی نمائندوں نے بھی شرکت کی اور عوامی مسائل کے حل کیلئے تجاویز پیش کیں وزیر اعظم نے کہا کہ حکومت عوام کی خدمت کیلئے پرعزم ہے اور تمام وسائل بروئے کار لائے جائیں گے اسلام آباد ( نمائندہ خصوصی ) وفاقی حکومت نے ملک بھر میں ترقیاتی منصوبوں کی تکمیل کیلئے اقدامات تیز کرنے کا
بقیہ
طیب علی
16
اسلام آباد ( نمائندہ خصوصی ) وفاقی حکومت نے ملک بھر میں ترقیاتی منصوبوں کی تکمیل کیلئے اقدامات تیز کرنے کا فیصلہ کیا ہے جس کے تحت متعلقہ اداروں کو ہدایات جاری کر دی گئی ہیں اجلاس میں صوبائی نمائندوں نے بھی شرکت کی اور عوامی مسائل کے حل کیلئے تجاویز پیش کیں وزیر اعظم نے کہا کہ حکومت عوام کی خدمت کیلئے پرعزم ہے اور تمام وسائل بروئے کار لائے جائیں گے اسلام آباد ( نمائندہ خصوصی ) وفاقی حکومت نے ملک بھر میں ترقیاتی منصوبوں کی تکمیل کیلئے اقدامات تیز کرنے کا
بقیہ
جشید گجر
17
اسلام آباد ( نمائندہ خصوصی ) وفاقی حکومت نے ملک بھر میں ترقیاتی منصوبوں کی تکمیل کیلئے اقدامات تیز کرنے کا فیصلہ کیا ہے جس کے تحت متعلقہ اداروں کو ہدایات جاری کر دی گئی ہیں اجلاس میں صوبائی نمائندوں نے بھی شرکت کی اور عوامی مسائل کے حل کیلئے تجاویز پیش کیں وزیر اعظم نے کہا کہ حکومت عوام کی خدمت کیلئے پرعزم ہے اور تمام وسائل بروئے کار لائے جائیں گے اسلام آباد ( نمائندہ خصوصی ) وفاقی حکومت نے ملک بھر میں ترقیاتی منصوبوں کی تکمیل کیلئے اقدامات تیز کرنے کا
بقیہ
غلام علی
18
اسلام آباد ( نمائندہ خصوصی ) وفاقی حکومت نے ملک بھر میں ترقیاتی منصوبوں کی تکمیل کیلئے اقدامات تیز کرنے کا فیصلہ کیا ہے جس کے تحت متعلقہ اداروں کو ہدایات جاری کر دی گئی ہیں اجلاس میں صوبائی نمائندوں نے بھی شرکت کی اور عوامی مسائل کے حل کیلئے تجاویز پیش کیں وزیر اعظم نے کہا کہ حکومت عوام کی خدمت کیلئے پرعزم ہے اور تمام وسائل بروئے کار لائے جائیں گے اسلام آباد ( نمائندہ خصوصی ) وفاقی حکومت نے ملک بھر میں ترقیاتی منصوبوں کی تکمیل کیلئے اقدامات تیز کرنے کا
بقیہ
شوکت علی
19
اسلام آباد ( نمائندہ خصوصی ) وفاقی حکومت نے ملک بھر میں ترقیاتی منصوبوں کی تکمیل کیلئے اقدامات تیز کرنے کا فیصلہ کیا ہے جس کے تحت متعلقہ اداروں کو ہدایات جاری کر دی گئی ہیں اجلاس میں صوبائی نمائندوں نے بھی شرکت کی اور عوامی مسائل کے حل کیلئے تجاویز پیش کیں وزیر اعظم نے کہا کہ حکومت عوام کی خدمت کیلئے پرعزم ہے اور تمام وسائل بروئے کار لائے جائیں گے اسلام آباد ( نمائندہ خصوصی ) وفاقی حکومت نے ملک بھر میں ترقیاتی منصوبوں کی تکمیل کیلئے اقدامات تیز کرنے کا
بقیہ
پی اے
20
اسلام آباد ( نمائندہ خصوصی ) وفاقی حکومت نے ملک بھر میں ترقیاتی منصوبوں کی تکمیل کیلئے اقدامات تیز کرنے کا فیصلہ کیا ہے جس کے تحت متعلقہ اداروں کو ہدایات جاری کر دی گئی ہیں اجلاس میں صوبائی نمائندوں نے بھی شرکت کی اور عوامی مسائل کے حل کیلئے تجاویز پیش کیں وزیر اعظم نے کہا کہ حکومت عوام کی خدمت کیلئے پرعزم ہے اور تمام وسائل بروئے کار لائے جائیں گے اسلام آباد ( نمائندہ خصوصی ) وفاقی حکومت نے ملک بھر میں ترقیاتی منصوبوں کی تکمیل کیلئے اقدامات تیز کرنے کا
بقیہ
قیصر باجوہ
21
اسلام آباد ( نمائندہ خصوصی ) وفاقی حکومت نے ملک بھر میں ترقیاتی منصوبوں کی تکمیل کیلئے اقدامات تیز کرنے کا فیصلہ کیا ہے جس کے تحت متعلقہ اداروں کو ہدایات جاری کر دی گئی ہیں اجلاس میں صوبائی نمائندوں نے بھی شرکت کی اور عوامی مسائل کے حل کیلئے تجاویز پیش کیں وزیر اعظم نے کہا کہ حکومت عوام کی خدمت کیلئے پرعزم ہے اور تمام وسائل بروئے کار لائے جائیں گے اسلام آباد ( نمائندہ خصوصی ) وفاقی حکومت نے ملک بھر میں ترقیاتی منصوبوں کی تکمیل کیلئے اقدامات تیز کرنے کا
بقیہ
ٹیلر ڈائے
22
اسلام آباد ( نمائندہ خصوصی ) وفاقی حکومت نے ملک بھر میں ترقیاتی منصوبوں کی تکمیل کیلئے اقدامات تیز کرنے کا فیصلہ کیا ہے جس کے تحت متعلقہ اداروں کو ہدایات جاری کر دی گئی ہیں اجلاس میں صوبائی نمائندوں نے بھی شرکت کی اور عوامی مسائل کے حل کیلئے تجاویز پیش کیں وزیر اعظم نے کہا کہ حکومت عوام کی خدمت کیلئے پرعزم ہے اور تمام وسائل بروئے کار لائے جائیں گے اسلام آباد ( نمائندہ خصوصی ) وفاقی حکومت نے ملک بھر میں ترقیاتی منصوبوں کی تکمیل کیلئے اقدامات تیز کرنے کا
بقیہ
کلیم الدین
23
اسلام آباد ( نمائندہ خصوصی ) وفاقی حکومت نے ملک بھر میں ترقیاتی منصوبوں کی تکمیل کیلئے اقدامات تیز کرنے کا فیصلہ کیا ہے جس کے تحت متعلقہ اداروں کو ہدایات جاری کر دی گئی ہیں اجلاس میں صوبائی نمائندوں نے بھی شرکت کی اور عوامی مسائل کے حل کیلئے تجاویز پیش کیں وزیر اعظم نے کہا کہ حکومت عوام کی خدمت کیلئے پرعزم ہے اور تمام وسائل بروئے کار لائے جائیں گے اسلام آباد ( نمائندہ خصوصی ) وفاقی حکومت نے ملک بھر میں ترقیاتی منصوبوں کی تکمیل کیلئے اقدامات تیز کرنے کا
عوامی اشتہارات
شرائط اشتہارات
کم از کم 3 سطر
فی سطر 100 روپے
10 سطر سے زائد 557
اشتہار کی اشاعت کیلئے شناختی کارڈ کی کاپی لازمی ہے، ادارہ کسی بھی اشتہار کو مسترد کرنے کا حق محفوظ رکھتا ہے، اشتہار کی عبارت کی ذمہ داری مشتہر پر ہوگی، ادائیگی پیشگی وصول کی جائے گی۔
عوامی اشتہارات کی بکنگ   صبح 10 بجے سے شام 4 بجے تک
شعبہ اشتہارات روزنامہ پاکستان، آئی ٹین اسلام آباد، فون نمبر
051-2266225
051-2331090
Email:dailypakistanadd@gmail.com
بعدالت جناب محترم ایڈیشنل سیشن جج سرگودھا
بعنوان مقدمہ، فریق دوم کو ہدایت کی جاتی ہے کہ مورخہ مقررہ تاریخ کو عدالت ہذا میں حاضر ہو کر پیروی کرے بصورت دیگر کارروائی یکطرفہ عمل میں لائی جائے گی۔
6117
بعدالت جناب محترم ڈسٹرکٹ جج
نوٹس بنام مسئول علیہ، آپ کو بذریعہ اشتہار ہذا اطلاع دی جاتی ہے کہ مورخہ 2026-06-08 کو اصالتاً یا وکالتاً حاضر عدالت ہوں۔
6117
عدالت جناب محترم سول جج
دعویٰ تنسیخ نکاح و دلائی خرچہ، مدعا علیہ کو ہدایت کی جاتی ہے کہ مورخہ 2026-05-12 کو حاضر عدالت ہو بصورت دیگر یکطرفہ کارروائی ہوگی۔
6118
اسلام آباد ( نمائندہ خصوصی ) وفاقی حکومت نے ملک بھر میں ترقیاتی منصوبوں کی تکمیل کیلئے اقدامات تیز کرنے کا فیصلہ کیا ہے جس کے تحت متعلقہ اداروں کو ہدایات جاری کر دی گئی ہیں اجلاس میں صوبائی نمائندوں نے بھی شرکت کی اور عوامی مسائل کے حل کیلئے تجاویز پیش کیں وزیر اعظم
بقیہ
شفقت اللہ
1
اسلام آباد ( نمائندہ خصوصی ) وفاقی حکومت نے ملک بھر میں ترقیاتی منصوبوں کی تکمیل کیلئے اقدامات تیز کرنے کا فیصلہ کیا ہے جس کے تحت متعلقہ اداروں کو ہدایات جاری کر دی گئی ہیں اجلاس میں صوبائی نمائندوں نے بھی شرکت کی اور عوامی مسائل کے حل کیلئے تجاویز پیش کیں وزیر اعظم
بقیہ
عامر آفریدی
2
اسلام آباد ( نمائندہ خصوصی ) وفاقی حکومت نے ملک بھر میں ترقیاتی منصوبوں کی تکمیل کیلئے اقدامات تیز کرنے کا فیصلہ کیا ہے جس کے تحت متعلقہ اداروں کو ہدایات جاری کر دی گئی ہیں اجلاس میں صوبائی نمائندوں نے بھی شرکت کی اور عوامی مسائل کے حل کیلئے تجاویز پیش کیں وزیر اعظم
بقیہ
فیصل حکیم
3
اسلام آباد ( نمائندہ خصوصی ) وفاقی حکومت نے ملک بھر میں ترقیاتی منصوبوں کی تکمیل کیلئے اقدامات تیز کرنے کا فیصلہ کیا ہے جس کے تحت متعلقہ اداروں کو ہدایات جاری کر دی گئی ہیں اجلاس میں صوبائی نمائندوں نے بھی شرکت کی اور عوامی مسائل کے حل کیلئے تجاویز پیش کیں وزیر اعظم
بقیہ
بھوسہ
4
اسلام آباد ( نمائندہ خصوصی ) وفاقی حکومت نے ملک بھر میں ترقیاتی منصوبوں کی تکمیل کیلئے اقدامات تیز کرنے کا فیصلہ کیا ہے جس کے تحت متعلقہ اداروں کو ہدایات جاری کر دی گئی ہیں اجلاس میں صوبائی نمائندوں نے بھی شرکت کی اور عوامی مسائل کے حل کیلئے تجاویز پیش کیں وزیر اعظم
بقیہ
مشیر شکیل
5
اسلام آباد ( نمائندہ خصوصی ) وفاقی حکومت نے ملک بھر میں ترقیاتی منصوبوں کی تکمیل کیلئے اقدامات تیز کرنے کا فیصلہ کیا ہے جس کے تحت متعلقہ اداروں کو ہدایات جاری کر دی گئی ہیں اجلاس میں صوبائی نمائندوں نے بھی شرکت کی اور عوامی مسائل کے حل کیلئے تجاویز پیش کیں وزیر اعظم
بقیہ
محبوب الرسول
6
اسلام آباد ( نمائندہ خصوصی ) وفاقی حکومت نے ملک بھر میں ترقیاتی منصوبوں کی تکمیل کیلئے اقدامات تیز کرنے کا فیصلہ کیا ہے جس کے تحت متعلقہ اداروں کو ہدایات جاری کر دی گئی ہیں اجلاس میں صوبائی نمائندوں نے بھی شرکت کی اور عوامی مسائل کے حل کیلئے تجاویز پیش کیں وزیر اعظم
بقیہ
سینیٹ ملک
7
اسلام آباد ( نمائندہ خصوصی ) وفاقی حکومت نے ملک بھر میں ترقیاتی منصوبوں کی تکمیل کیلئے اقدامات تیز کرنے کا فیصلہ کیا ہے جس کے تحت متعلقہ اداروں کو ہدایات جاری کر دی گئی ہیں اجلاس میں صوبائی نمائندوں نے بھی شرکت کی اور عوامی مسائل کے حل کیلئے تجاویز پیش کیں وزیر اعظم
اسلام آباد ( نمائندہ خصوصی ) وفاقی حکومت نے ملک بھر میں ترقیاتی منصوبوں کی تکمیل کیلئے اقدامات تیز کرنے کا فیصلہ کیا ہے جس کے تحت متعلقہ اداروں کو ہدایات جاری کر دی گئی ہیں اجلاس میں صوبائی نمائندوں نے بھی شرکت کی اور عوامی مسائل کے حل کیلئے تجاویز پیش کیں وزیر اعظم نے کہا کہ حکومت عوام کی خدمت کیلئے پرعزم ہے اور تمام وسائل بروئے کار لائے جائیں گے اسلام آباد ( نمائندہ خصوصی ) وفاقی حکومت نے ملک بھر میں ترقیاتی منصو
بقیہ
فیصل چیمہ
8
اسلام آباد ( نمائندہ خصوصی ) وفاقی حکومت نے ملک بھر میں ترقیاتی منصوبوں کی تکمیل کیلئے اقدامات تیز کرنے کا فیصلہ کیا ہے جس کے تحت متعلقہ اداروں کو ہدایات جاری کر دی گئی ہیں اجلاس میں صوبائی نمائندوں نے بھی شرکت کی اور عوامی مسائل کے حل کیلئے تجاویز پیش کیں وزیر اعظم نے کہا کہ حکومت عوام کی خدمت کیلئے پرعزم ہے اور تمام وسائل بروئے کار لائے جائیں گے اسلام آباد ( نمائندہ خصوصی ) وفاقی حکومت نے ملک بھر میں ترقیاتی منصو
بقیہ
بلدیاتی انتخابات
9
اسلام آباد ( نمائندہ خصوصی ) وفاقی حکومت نے ملک بھر میں ترقیاتی منصوبوں کی تکمیل کیلئے اقدامات تیز کرنے کا فیصلہ کیا ہے جس کے تحت متعلقہ اداروں کو ہدایات جاری کر دی گئی ہیں اجلاس میں صوبائی نمائندوں نے بھی شرکت کی اور عوامی مسائل کے حل کیلئے تجاویز پیش کیں وزیر اعظم نے کہا کہ حکومت عوام کی خدمت کیلئے پرعزم ہے اور تمام وسائل بروئے کار لائے جائیں گے اسلام آباد ( نمائندہ خصوصی ) وفاقی حکومت نے ملک بھر میں ترقیاتی منصو
بقیہ
شاہ اللہ
10
اسلام آباد ( نمائندہ خصوصی ) وفاقی حکومت نے ملک بھر میں ترقیاتی منصوبوں کی تکمیل کیلئے اقدامات تیز کرنے کا فیصلہ کیا ہے جس کے تحت متعلقہ اداروں کو ہدایات جاری کر دی گئی ہیں اجلاس میں صوبائی نمائندوں نے بھی شرکت کی اور عوامی مسائل کے حل کیلئے تجاویز پیش کیں وزیر اعظم نے کہا کہ حکومت عوام کی خدمت کیلئے پرعزم ہے اور تمام وسائل بروئے کار لائے جائیں گے اسلام آباد ( نمائندہ خصوصی ) وفاقی حکومت نے ملک بھر میں ترقیاتی منصو
بقیہ
محکمہ اوقاف
11
اسلام آباد ( نمائندہ خصوصی ) وفاقی حکومت نے ملک بھر میں ترقیاتی منصوبوں کی تکمیل کیلئے اقدامات تیز کرنے کا فیصلہ کیا ہے جس کے تحت متعلقہ اداروں کو ہدایات جاری کر دی گئی ہیں اجلاس میں صوبائی نمائندوں نے بھی شرکت کی اور عوامی مسائل کے حل کیلئے تجاویز پیش کیں وزیر اعظم نے کہا کہ حکومت عوام کی خدمت کیلئے پرعزم ہے اور تمام وسائل بروئے کار لائے جائیں گے اسلام آباد ( نمائندہ خصوصی ) وفاقی حکومت نے ملک بھر میں ترقیاتی منصو
بقیہ
نورالہی
12
اسلام آباد ( نمائندہ خصوصی ) وفاقی حکومت نے ملک بھر میں ترقیاتی منصوبوں کی تکمیل کیلئے اقدامات تیز کرنے کا فیصلہ کیا ہے جس کے تحت متعلقہ اداروں کو ہدایات جاری کر دی گئی ہیں اجلاس میں صوبائی نمائندوں نے بھی شرکت کی اور عوامی مسائل کے حل کیلئے تجاویز پیش کیں وزیر اعظم نے کہا کہ حکومت عوام کی خدمت کیلئے پرعزم ہے اور تمام وسائل بروئے کار لائے جائیں گے اسلام آباد ( نمائندہ خصوصی ) وفاقی حکومت نے ملک بھر میں ترقیاتی منصو
بقیہ
آوارہ کتوں
13
اسلام آباد ( نمائندہ خصوصی ) وفاقی حکومت نے ملک بھر میں ترقیاتی منصوبوں کی تکمیل کیلئے اقدامات تیز کرنے کا فیصلہ کیا ہے جس کے تحت متعلقہ اداروں کو ہدایات جاری کر دی گئی ہیں اجلاس میں صوبائی نمائندوں نے بھی شرکت کی اور عوامی مسائل کے حل کیلئے تجاویز پیش کیں وزیر اعظم نے کہا کہ حکومت عوام کی خدمت کیلئے پرعزم ہے اور تمام وسائل بروئے کار لائے جائیں گے اسلام آباد ( نمائندہ خصوصی ) وفاقی حکومت نے ملک بھر میں ترقیاتی منصو
بقیہ
ذیشان رفیق
14
اسلام آباد ( نمائندہ خصوصی ) وفاقی حکومت نے ملک بھر میں ترقیاتی منصوبوں کی تکمیل کیلئے اقدامات تیز کرنے کا فیصلہ کیا ہے جس کے تحت متعلقہ اداروں کو ہدایات جاری کر دی گئی ہیں اجلاس میں صوبائی نمائندوں نے بھی شرکت کی اور عوامی مسائل کے حل کیلئے تجاویز پیش کیں وزیر اعظم نے کہا کہ حکومت عوام کی خدمت کیلئے پرعزم ہے اور تمام وسائل بروئے کار لائے جائیں گے اسلام آباد ( نمائندہ خصوصی ) وفاقی حکومت نے ملک بھر میں ترقیاتی منصو
